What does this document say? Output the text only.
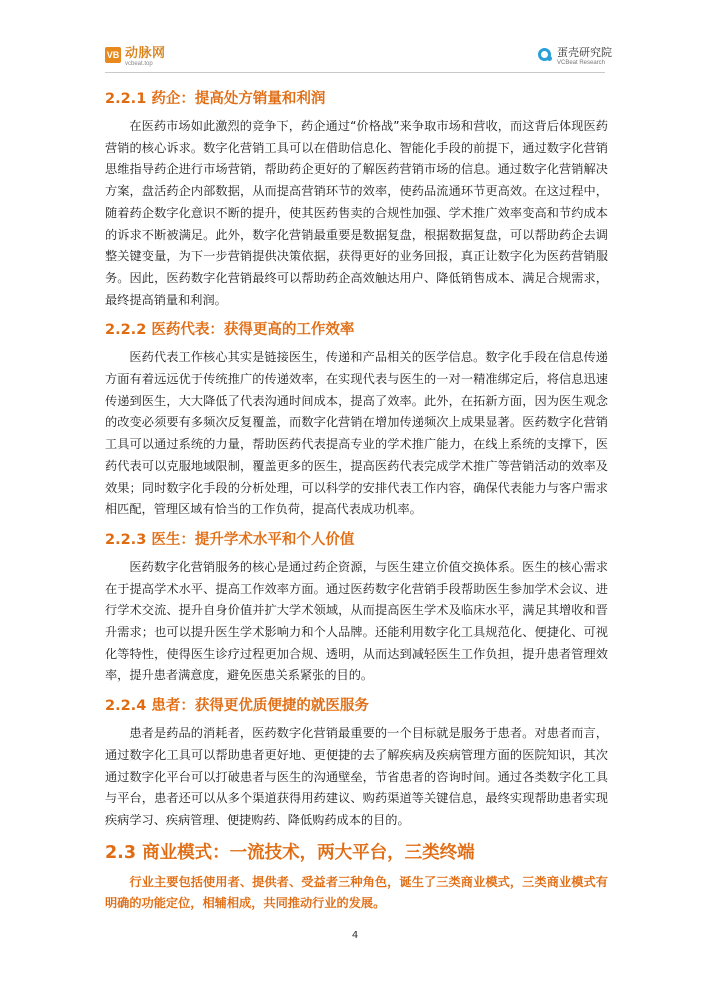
VB 动脉网
vcbeat.top
蛋壳研究院
VCBeat Research
2.2.1 药企：提高处方销量和利润

在医药市场如此激烈的竞争下，药企通过“价格战”来争取市场和营收，而这背后体现医药营销的核心诉求。数字化营销工具可以在借助信息化、智能化手段的前提下，通过数字化营销思维指导药企进行市场营销，帮助药企更好的了解医药营销市场的信息。通过数字化营销解决方案，盘活药企内部数据，从而提高营销环节的效率，使药品流通环节更高效。在这过程中，随着药企数字化意识不断的提升，使其医药售卖的合规性加强、学术推广效率变高和节约成本的诉求不断被满足。此外，数字化营销最重要是数据复盘，根据数据复盘，可以帮助药企去调整关键变量，为下一步营销提供决策依据，获得更好的业务回报，真正让数字化为医药营销服务。因此，医药数字化营销最终可以帮助药企高效触达用户、降低销售成本、满足合规需求，最终提高销量和利润。

2.2.2 医药代表：获得更高的工作效率

医药代表工作核心其实是链接医生，传递和产品相关的医学信息。数字化手段在信息传递方面有着远远优于传统推广的传递效率，在实现代表与医生的一对一精准绑定后，将信息迅速传递到医生，大大降低了代表沟通时间成本，提高了效率。此外，在拓新方面，因为医生观念的改变必须要有多频次反复覆盖，而数字化营销在增加传递频次上成果显著。医药数字化营销工具可以通过系统的力量，帮助医药代表提高专业的学术推广能力，在线上系统的支撑下，医药代表可以克服地域限制，覆盖更多的医生，提高医药代表完成学术推广等营销活动的效率及效果；同时数字化手段的分析处理，可以科学的安排代表工作内容，确保代表能力与客户需求相匹配，管理区域有恰当的工作负荷，提高代表成功机率。

2.2.3 医生：提升学术水平和个人价值

医药数字化营销服务的核心是通过药企资源，与医生建立价值交换体系。医生的核心需求在于提高学术水平、提高工作效率方面。通过医药数字化营销手段帮助医生参加学术会议、进行学术交流、提升自身价值并扩大学术领域，从而提高医生学术及临床水平，满足其增收和晋升需求；也可以提升医生学术影响力和个人品牌。还能利用数字化工具规范化、便捷化、可视化等特性，使得医生诊疗过程更加合规、透明，从而达到减轻医生工作负担，提升患者管理效率，提升患者满意度，避免医患关系紧张的目的。

2.2.4 患者：获得更优质便捷的就医服务

患者是药品的消耗者，医药数字化营销最重要的一个目标就是服务于患者。对患者而言，通过数字化工具可以帮助患者更好地、更便捷的去了解疾病及疾病管理方面的医院知识，其次通过数字化平台可以打破患者与医生的沟通壁垒，节省患者的咨询时间。通过各类数字化工具与平台，患者还可以从多个渠道获得用药建议、购药渠道等关键信息，最终实现帮助患者实现疾病学习、疾病管理、便捷购药、降低购药成本的目的。

2.3 商业模式：一流技术，两大平台，三类终端

行业主要包括使用者、提供者、受益者三种角色，诞生了三类商业模式，三类商业模式有明确的功能定位，相辅相成，共同推动行业的发展。

4
